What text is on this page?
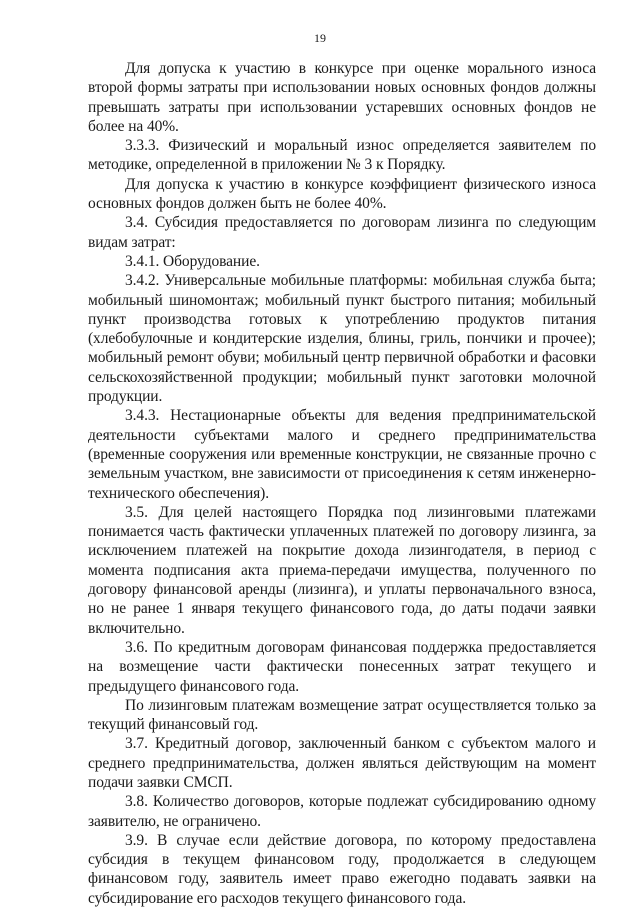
19

Для допуска к участию в конкурсе при оценке морального износа второй формы затраты при использовании новых основных фондов должны превышать затраты при использовании устаревших основных фондов не более на 40%.

3.3.3. Физический и моральный износ определяется заявителем по методике, определенной в приложении № 3 к Порядку.

Для допуска к участию в конкурсе коэффициент физического износа основных фондов должен быть не более 40%.

3.4. Субсидия предоставляется по договорам лизинга по следующим видам затрат:

3.4.1. Оборудование.

3.4.2. Универсальные мобильные платформы: мобильная служба быта; мобильный шиномонтаж; мобильный пункт быстрого питания; мобильный пункт производства готовых к употреблению продуктов питания (хлебобулочные и кондитерские изделия, блины, гриль, пончики и прочее); мобильный ремонт обуви; мобильный центр первичной обработки и фасовки сельскохозяйственной продукции; мобильный пункт заготовки молочной продукции.

3.4.3. Нестационарные объекты для ведения предпринимательской деятельности субъектами малого и среднего предпринимательства (временные сооружения или временные конструкции, не связанные прочно с земельным участком, вне зависимости от присоединения к сетям инженерно-технического обеспечения).

3.5. Для целей настоящего Порядка под лизинговыми платежами понимается часть фактически уплаченных платежей по договору лизинга, за исключением платежей на покрытие дохода лизингодателя, в период с момента подписания акта приема-передачи имущества, полученного по договору финансовой аренды (лизинга), и уплаты первоначального взноса, но не ранее 1 января текущего финансового года, до даты подачи заявки включительно.

3.6. По кредитным договорам финансовая поддержка предоставляется на возмещение части фактически понесенных затрат текущего и предыдущего финансового года.

По лизинговым платежам возмещение затрат осуществляется только за текущий финансовый год.

3.7. Кредитный договор, заключенный банком с субъектом малого и среднего предпринимательства, должен являться действующим на момент подачи заявки СМСП.

3.8. Количество договоров, которые подлежат субсидированию одному заявителю, не ограничено.

3.9. В случае если действие договора, по которому предоставлена субсидия в текущем финансовом году, продолжается в следующем финансовом году, заявитель имеет право ежегодно подавать заявки на субсидирование его расходов текущего финансового года.
